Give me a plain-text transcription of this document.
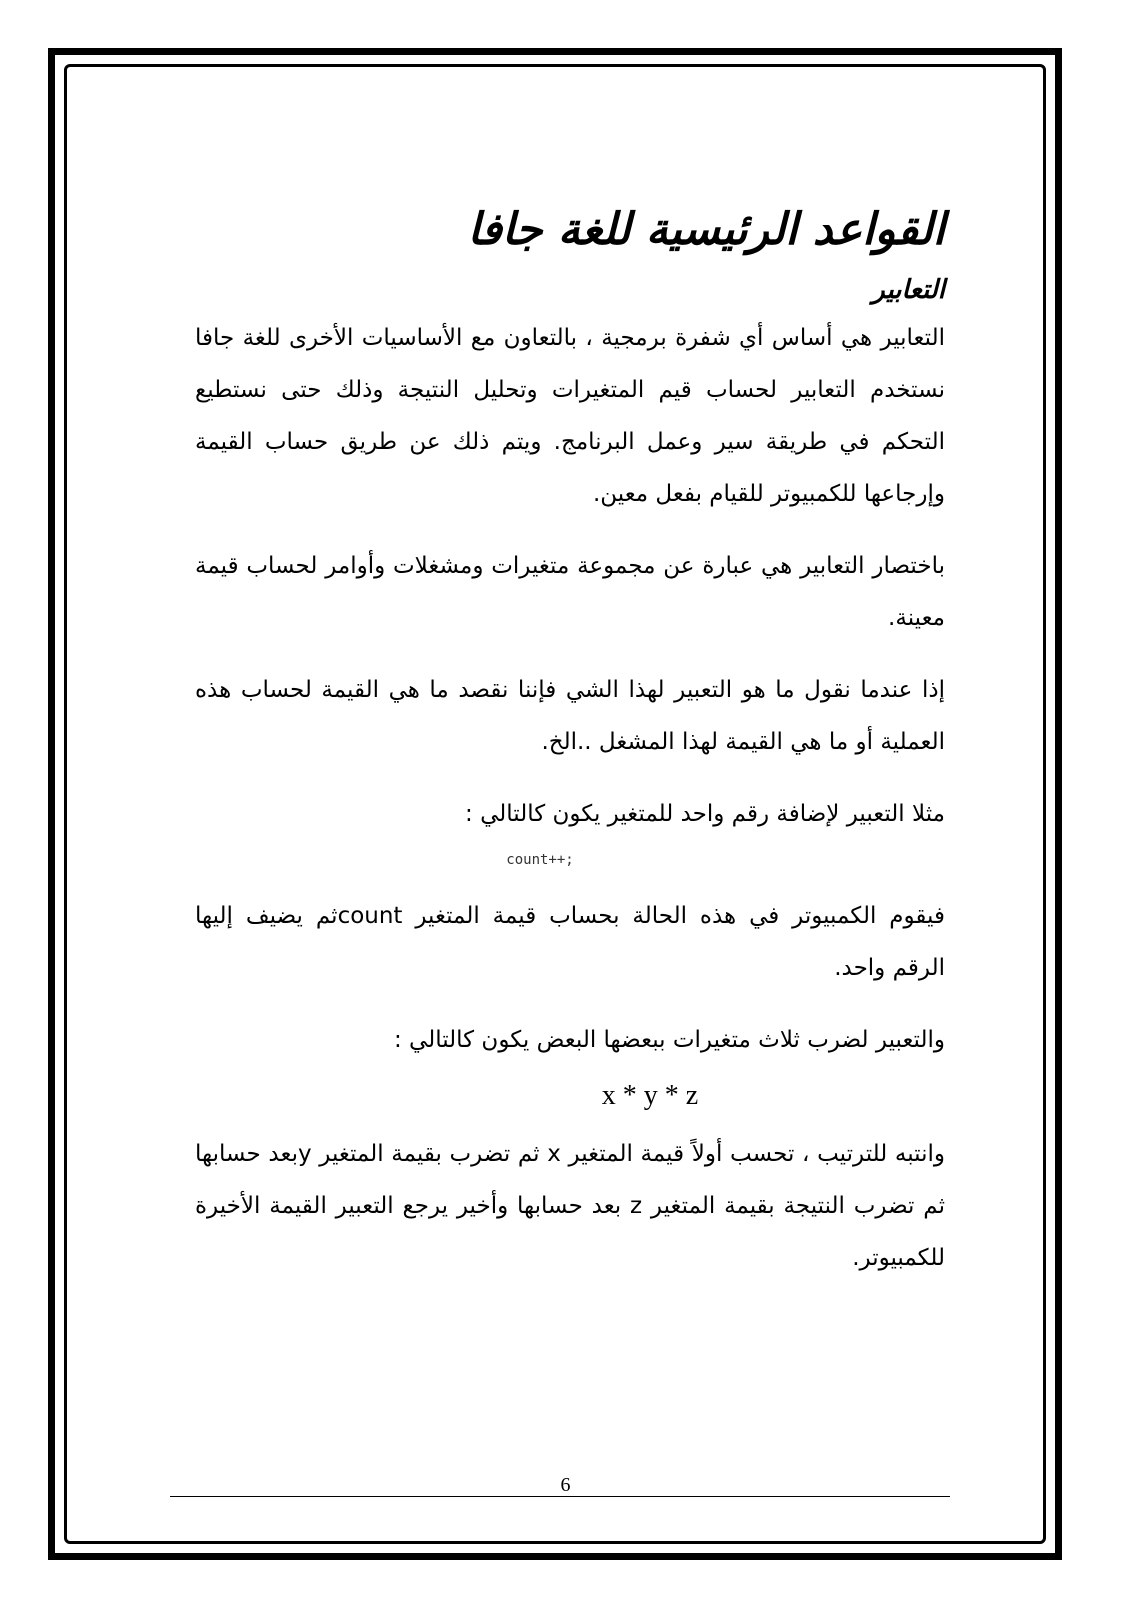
القواعد الرئيسية للغة جافا
التعابير

التعابير هي أساس أي شفرة برمجية ، بالتعاون مع الأساسيات الأخرى للغة جافا نستخدم التعابير لحساب قيم المتغيرات وتحليل النتيجة وذلك حتى نستطيع التحكم في طريقة سير وعمل البرنامج. ويتم ذلك عن طريق حساب القيمة وإرجاعها للكمبيوتر للقيام بفعل معين.

باختصار التعابير هي عبارة عن مجموعة متغيرات ومشغلات وأوامر لحساب قيمة معينة.

إذا عندما نقول ما هو التعبير لهذا الشي فإننا نقصد ما هي القيمة لحساب هذه العملية أو ما هي القيمة لهذا المشغل ..الخ.

مثلا التعبير لإضافة رقم واحد للمتغير يكون كالتالي :

count++;

فيقوم الكمبيوتر في هذه الحالة بحساب قيمة المتغير countثم يضيف إليها الرقم واحد.

والتعبير لضرب ثلاث متغيرات ببعضها البعض يكون كالتالي :

x * y * z

وانتبه للترتيب ، تحسب أولاً قيمة المتغير x ثم تضرب بقيمة المتغير yبعد حسابها ثم تضرب النتيجة بقيمة المتغير z بعد حسابها وأخير يرجع التعبير القيمة الأخيرة للكمبيوتر.

6
